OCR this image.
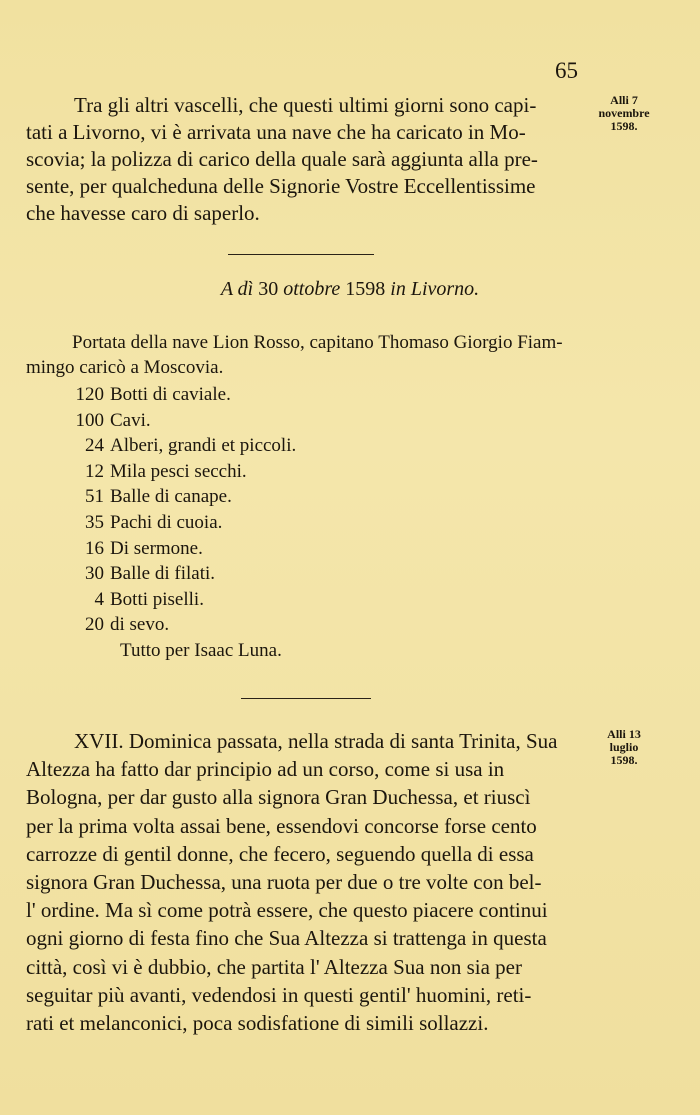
65
Alli 7
novembre
1598.
Tra gli altri vascelli, che questi ultimi giorni sono capi-
tati a Livorno, vi è arrivata una nave che ha caricato in Mo-
scovia; la polizza di carico della quale sarà aggiunta alla pre-
sente, per qualcheduna delle Signorie Vostre Eccellentissime
che havesse caro di saperlo.
A dì 30 ottobre 1598 in Livorno.
Portata della nave Lion Rosso, capitano Thomaso Giorgio Fiam-
mingo caricò a Moscovia.
120 Botti di caviale.
100 Cavi.
24 Alberi, grandi et piccoli.
12 Mila pesci secchi.
51 Balle di canape.
35 Pachi di cuoia.
16 Di sermone.
30 Balle di filati.
4 Botti piselli.
20 di sevo.
Tutto per Isaac Luna.
Alli 13
luglio
1598.
XVII. Dominica passata, nella strada di santa Trinita, Sua
Altezza ha fatto dar principio ad un corso, come si usa in
Bologna, per dar gusto alla signora Gran Duchessa, et riuscì
per la prima volta assai bene, essendovi concorse forse cento
carrozze di gentil donne, che fecero, seguendo quella di essa
signora Gran Duchessa, una ruota per due o tre volte con bel-
l' ordine. Ma sì come potrà essere, che questo piacere continui
ogni giorno di festa fino che Sua Altezza si trattenga in questa
città, così vi è dubbio, che partita l' Altezza Sua non sia per
seguitar più avanti, vedendosi in questi gentil' huomini, reti-
rati et melanconici, poca sodisfatione di simili sollazzi.
